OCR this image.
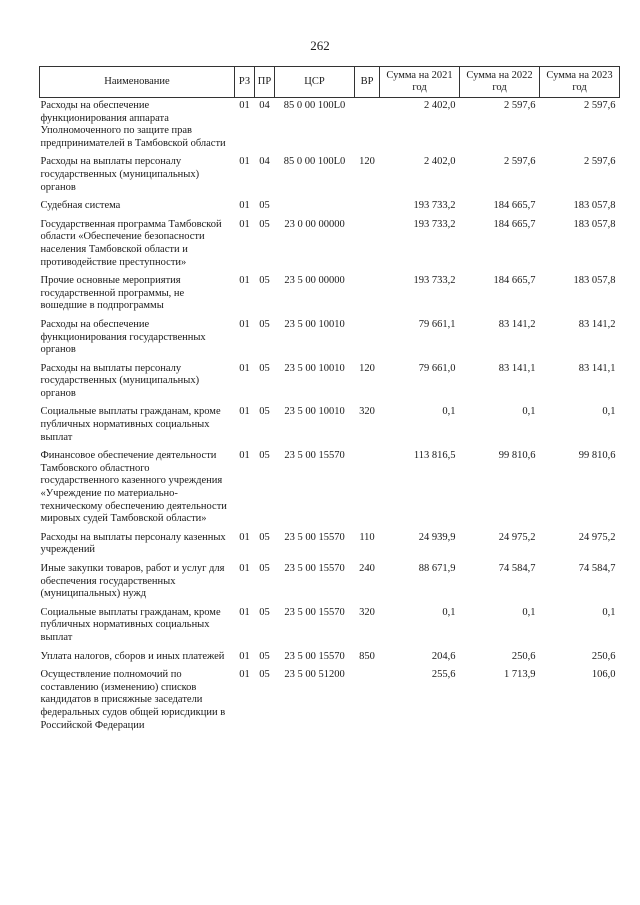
262
Наименование	РЗ	ПР	ЦСР	ВР	Сумма на 2021 год	Сумма на 2022 год	Сумма на 2023 год
Расходы на обеспечение функционирования аппарата Уполномоченного по защите прав предпринимателей в Тамбовской области	01	04	85 0 00 100L0		2 402,0	2 597,6	2 597,6
Расходы на выплаты персоналу государственных (муниципальных) органов	01	04	85 0 00 100L0	120	2 402,0	2 597,6	2 597,6
Судебная система	01	05			193 733,2	184 665,7	183 057,8
Государственная программа Тамбовской области «Обеспечение безопасности населения Тамбовской области и противодействие преступности»	01	05	23 0 00 00000		193 733,2	184 665,7	183 057,8
Прочие основные мероприятия государственной программы, не вошедшие в подпрограммы	01	05	23 5 00 00000		193 733,2	184 665,7	183 057,8
Расходы на обеспечение функционирования государственных органов	01	05	23 5 00 10010		79 661,1	83 141,2	83 141,2
Расходы на выплаты персоналу государственных (муниципальных) органов	01	05	23 5 00 10010	120	79 661,0	83 141,1	83 141,1
Социальные выплаты гражданам, кроме публичных нормативных социальных выплат	01	05	23 5 00 10010	320	0,1	0,1	0,1
Финансовое обеспечение деятельности Тамбовского областного государственного казенного учреждения «Учреждение по материально-техническому обеспечению деятельности мировых судей Тамбовской области»	01	05	23 5 00 15570		113 816,5	99 810,6	99 810,6
Расходы на выплаты персоналу казенных учреждений	01	05	23 5 00 15570	110	24 939,9	24 975,2	24 975,2
Иные закупки товаров, работ и услуг для обеспечения государственных (муниципальных) нужд	01	05	23 5 00 15570	240	88 671,9	74 584,7	74 584,7
Социальные выплаты гражданам, кроме публичных нормативных социальных выплат	01	05	23 5 00 15570	320	0,1	0,1	0,1
Уплата налогов, сборов и иных платежей	01	05	23 5 00 15570	850	204,6	250,6	250,6
Осуществление полномочий по составлению (изменению) списков кандидатов в присяжные заседатели федеральных судов общей юрисдикции в Российской Федерации	01	05	23 5 00 51200		255,6	1 713,9	106,0
